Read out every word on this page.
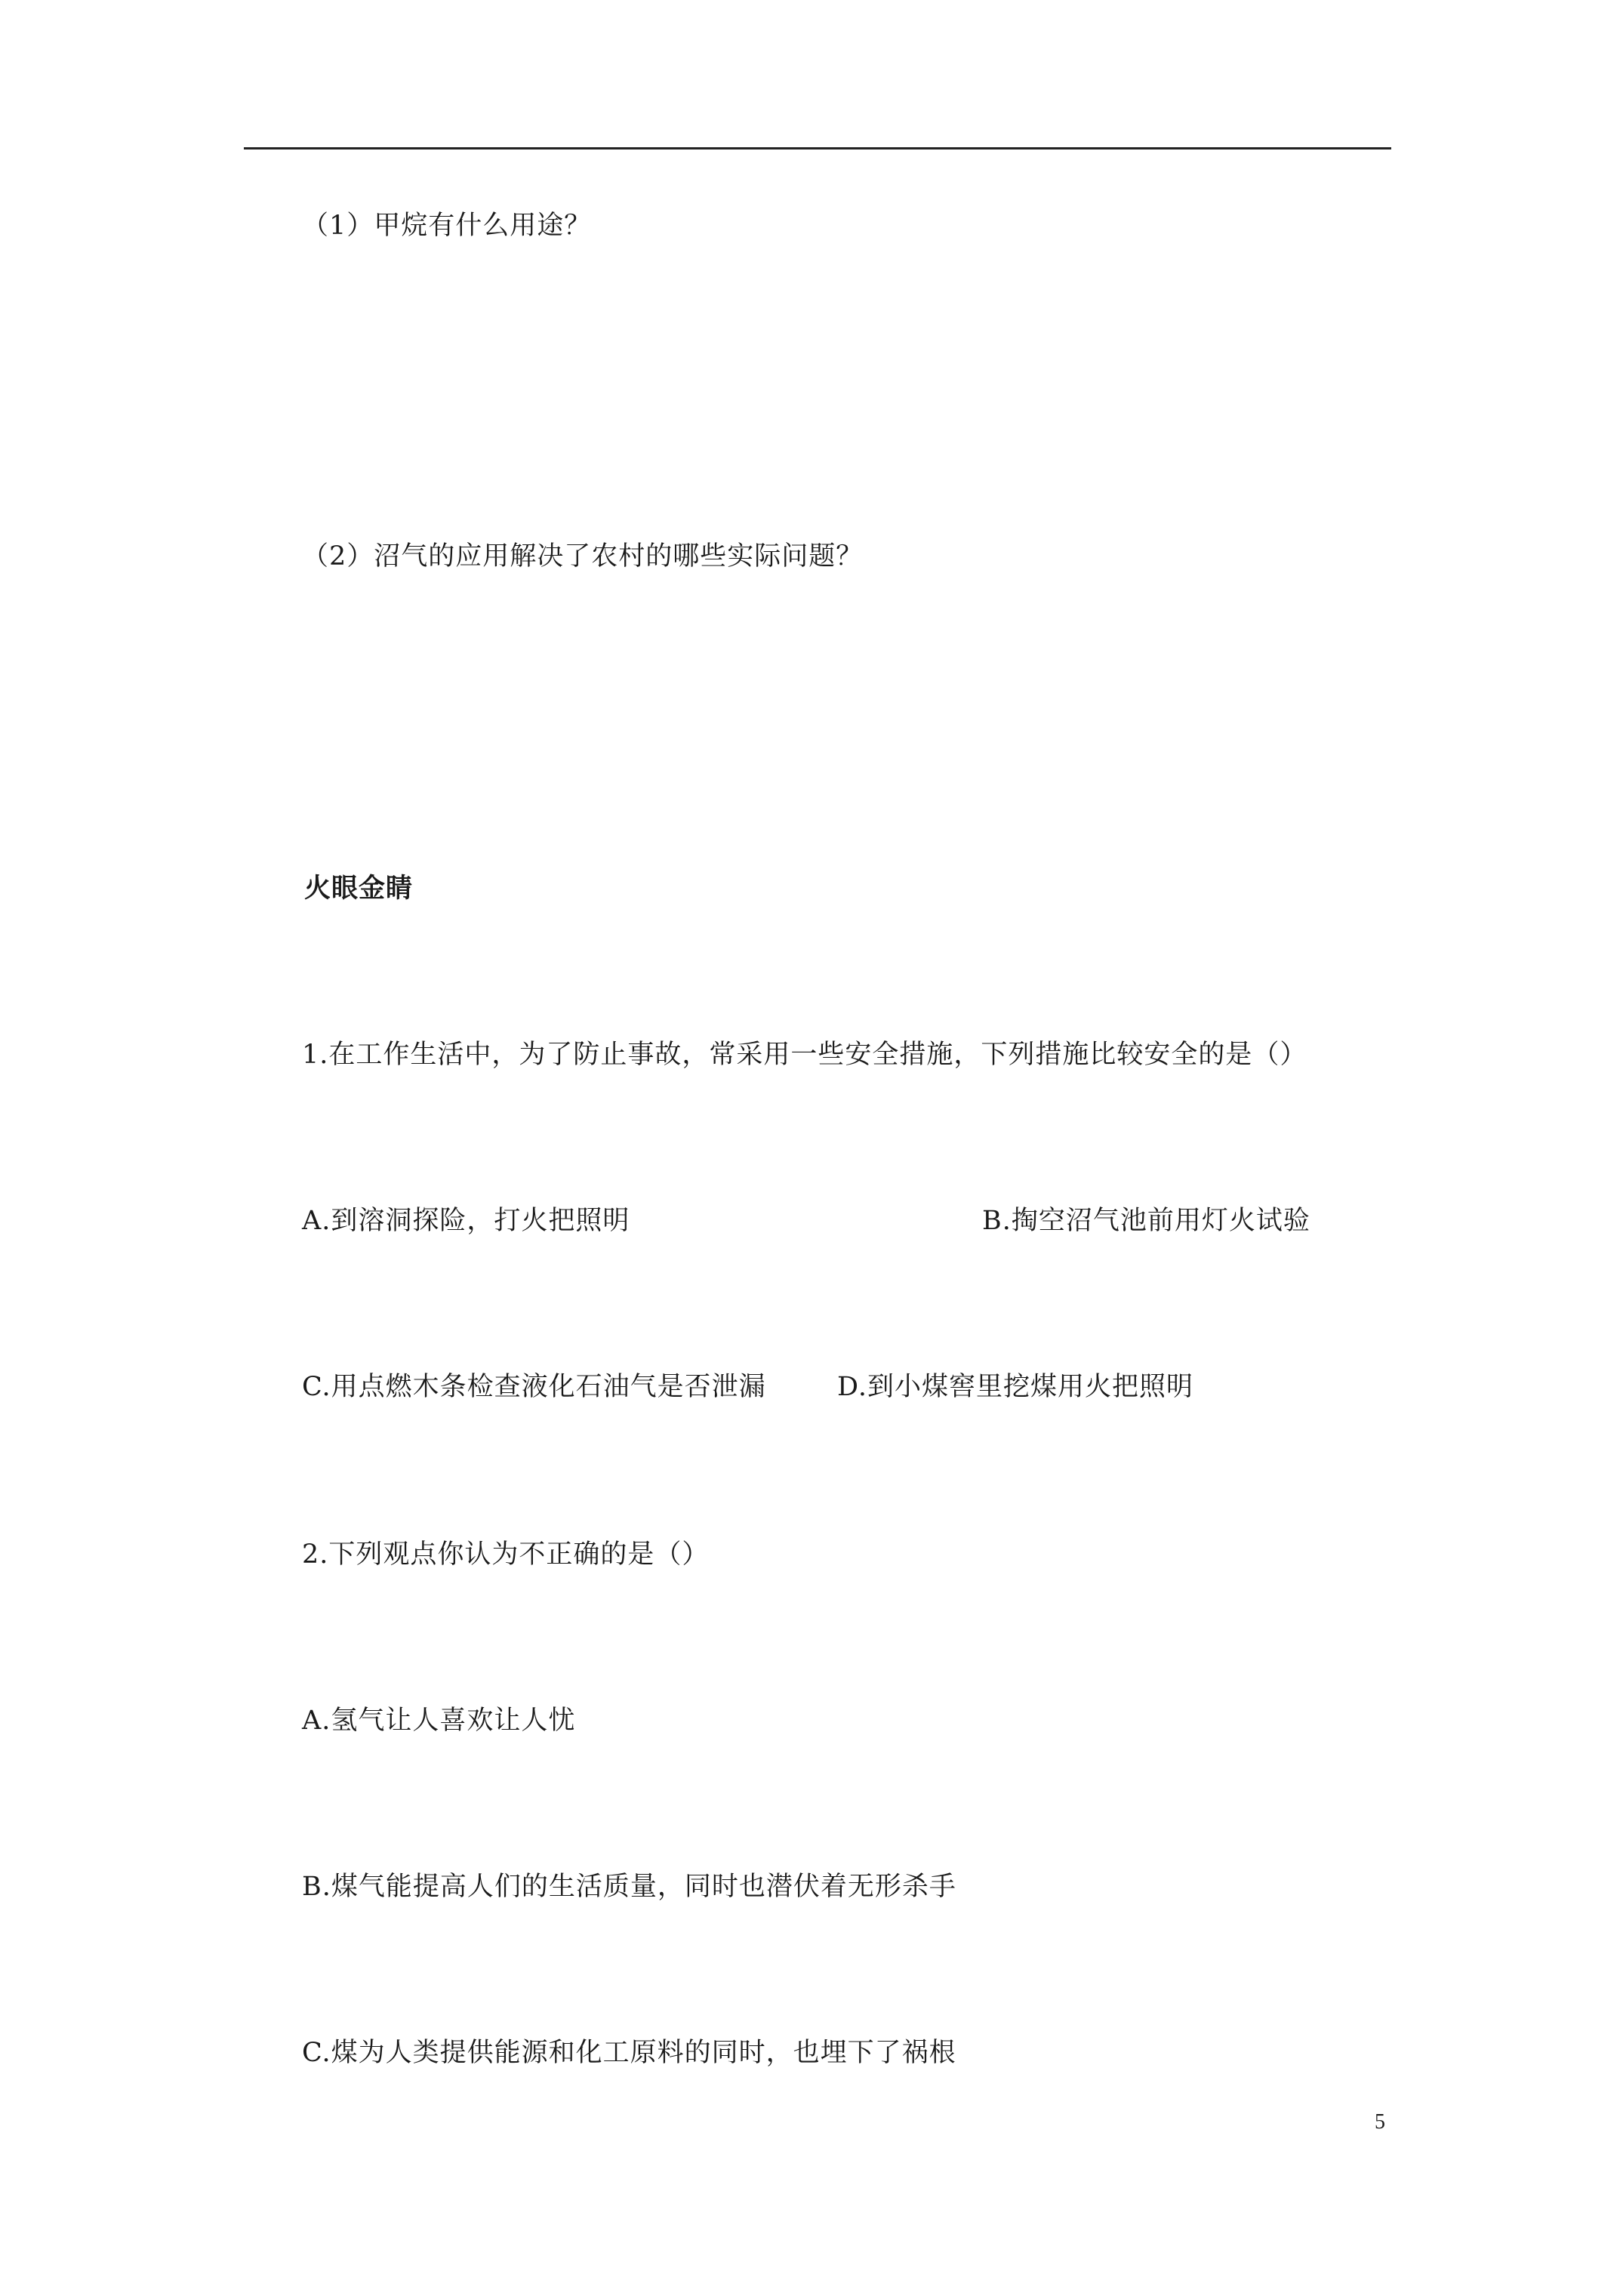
（1）甲烷有什么用途？
（2）沼气的应用解决了农村的哪些实际问题？
火眼金睛
1.在工作生活中，为了防止事故，常采用一些安全措施，下列措施比较安全的是（）
A.到溶洞探险，打火把照明	B.掏空沼气池前用灯火试验
C.用点燃木条检查液化石油气是否泄漏	D.到小煤窖里挖煤用火把照明
2.下列观点你认为不正确的是（）
A.氢气让人喜欢让人忧
B.煤气能提高人们的生活质量，同时也潜伏着无形杀手
C.煤为人类提供能源和化工原料的同时，也埋下了祸根
5
